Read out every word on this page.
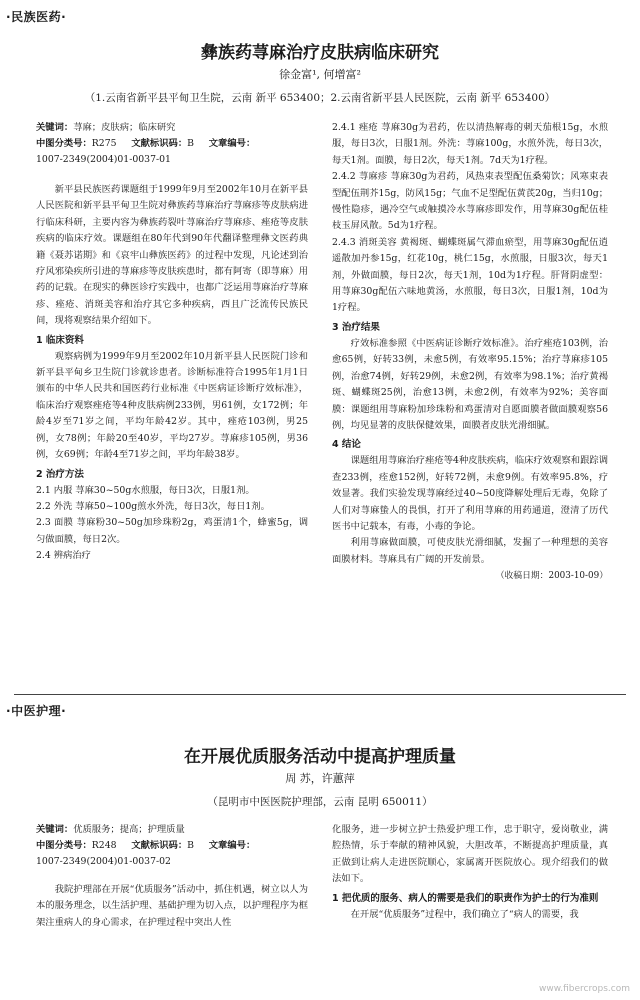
·民族医药·
彝族药荨麻治疗皮肤病临床研究
徐金富¹, 何增富²
（1.云南省新平县平甸卫生院，云南 新平 653400；2.云南省新平县人民医院，云南 新平 653400）
关键词：荨麻；皮肤病；临床研究
中图分类号：R275 文献标识码：B 文章编号：
1007-2349(2004)01-0037-01

新平县民族医药课题组于1999年9月至2002年10月在新平县人民医院和新平县平甸卫生院对彝族药荨麻治疗荨麻疹等皮肤病进行临床科研，主要内容为彝族药裂叶荨麻治疗荨麻疹、痤疮等皮肤疾病的临床疗效。课题组在80年代到90年代翻译整理彝文医药典籍《聂苏诺期》和《哀牢山彝族医药》的过程中发现，凡论述到治疗风邪染疾所引进的荨麻疹等皮肤疾患时，都有阿寄（即荨麻）用药的记载。在现实的彝医诊疗实践中，也都广泛运用荨麻治疗荨麻疹、痤疮、消斑美容和治疗其它多种疾病，西且广泛流传民族民间，现将观察结果介绍如下。

1 临床资料

观察病例为1999年9月至2002年10月新平县人民医院门诊和新平县平甸乡卫生院门诊就诊患者。诊断标准符合1995年1月1日颁布的中华人民共和国医药行业标准《中医病证诊断疗效标准》，临床治疗观察痤疮等4种皮肤病例233例，男61例，女172例；年龄4岁至71岁之间，平均年龄42岁。其中，痤疮103例，男25例，女78例；年龄20至40岁，平均27岁。荨麻疹105例，男36例，女69例；年龄4至71岁之间，平均年龄38岁。

2 治疗方法

2.1 内服 荨麻30~50g水煎服，每日3次，日服1剂。

2.2 外洗 荨麻50~100g煎水外洗，每日3次，每日1剂。

2.3 面膜 荨麻粉30~50g加珍珠粉2g，鸡蛋清1个，蜂蜜5g，调匀做面膜，每日2次。

2.4 辨病治疗

2.4.1 痤疮 荨麻30g为君药，佐以清热解毒的刺天茄根15g，水煎服，每日3次，日服1剂。外洗：荨麻100g，水煎外洗，每日3次，每天1剂。面膜，每日2次，每天1剂。7d天为1疗程。

2.4.2 荨麻疹 荨麻30g为君药，风热束表型配伍桑菊饮；风寒束表型配伍荆芥15g，防风15g；气血不足型配伍黄芪20g，当归10g；慢性隐疹，遇冷空气或触摸冷水荨麻疹即发作，用荨麻30g配伍桂枝玉屏风散。5d为1疗程。

2.4.3 消斑美容 黄褐斑、蝴蝶斑属气滞血瘀型，用荨麻30g配伍逍遥散加丹参15g，红花10g，桃仁15g，水煎服，日服3次，每天1剂，外做面膜，每日2次，每天1剂，10d为1疗程。肝肾阴虚型：用荨麻30g配伍六味地黄汤，水煎服，每日3次，日服1剂，10d为1疗程。

3 治疗结果

疗效标准参照《中医病证诊断疗效标准》。治疗痤疮103例，治愈65例，好转33例，未愈5例，有效率95.15%；治疗荨麻疹105例，治愈74例，好转29例，未愈2例，有效率为98.1%；治疗黄褐斑、蝴蝶斑25例，治愈13例，未愈2例，有效率为92%；美容面膜：课题组用荨麻粉加珍珠粉和鸡蛋清对自愿面膜者做面膜观察56例，均见显著的皮肤保健效果，面膜者皮肤光滑细腻。

4 结论

课题组用荨麻治疗痤疮等4种皮肤疾病，临床疗效观察和跟踪调查233例，痊愈152例，好转72例，未愈9例。有效率95.8%，疗效显著。我们实验发现荨麻经过40~50度降解处理后无毒，免除了人们对荨麻蛰人的畏惧，打开了利用荨麻的用药通道，澄清了历代医书中记载本，有毒，小毒的争论。

利用荨麻做面膜，可使皮肤光滑细腻，发掘了一种理想的美容面膜材料。荨麻具有广阔的开发前景。

（收稿日期：2003-10-09）

·中医护理·
在开展优质服务活动中提高护理质量
周 苏，许蕙萍
（昆明市中医医院护理部，云南 昆明 650011）
关键词：优质服务；提高；护理质量
中图分类号：R248 文献标识码：B 文章编号：
1007-2349(2004)01-0037-02

我院护理部在开展“优质服务”活动中，抓住机遇，树立以人为本的服务理念，以生活护理、基础护理为切入点，以护理程序为框架注重病人的身心需求，在护理过程中突出人性

化服务，进一步树立护士热爱护理工作，忠于职守，爱岗敬业，满腔热情，乐于奉献的精神风貌，大胆改革，不断提高护理质量，真正做到让病人走进医院顺心，家属离开医院放心。现介绍我们的做法如下。

1 把优质的服务、病人的需要是我们的职责作为护士的行为准则

在开展“优质服务”过程中，我们确立了“病人的需要，我

www.fibercrops.com
